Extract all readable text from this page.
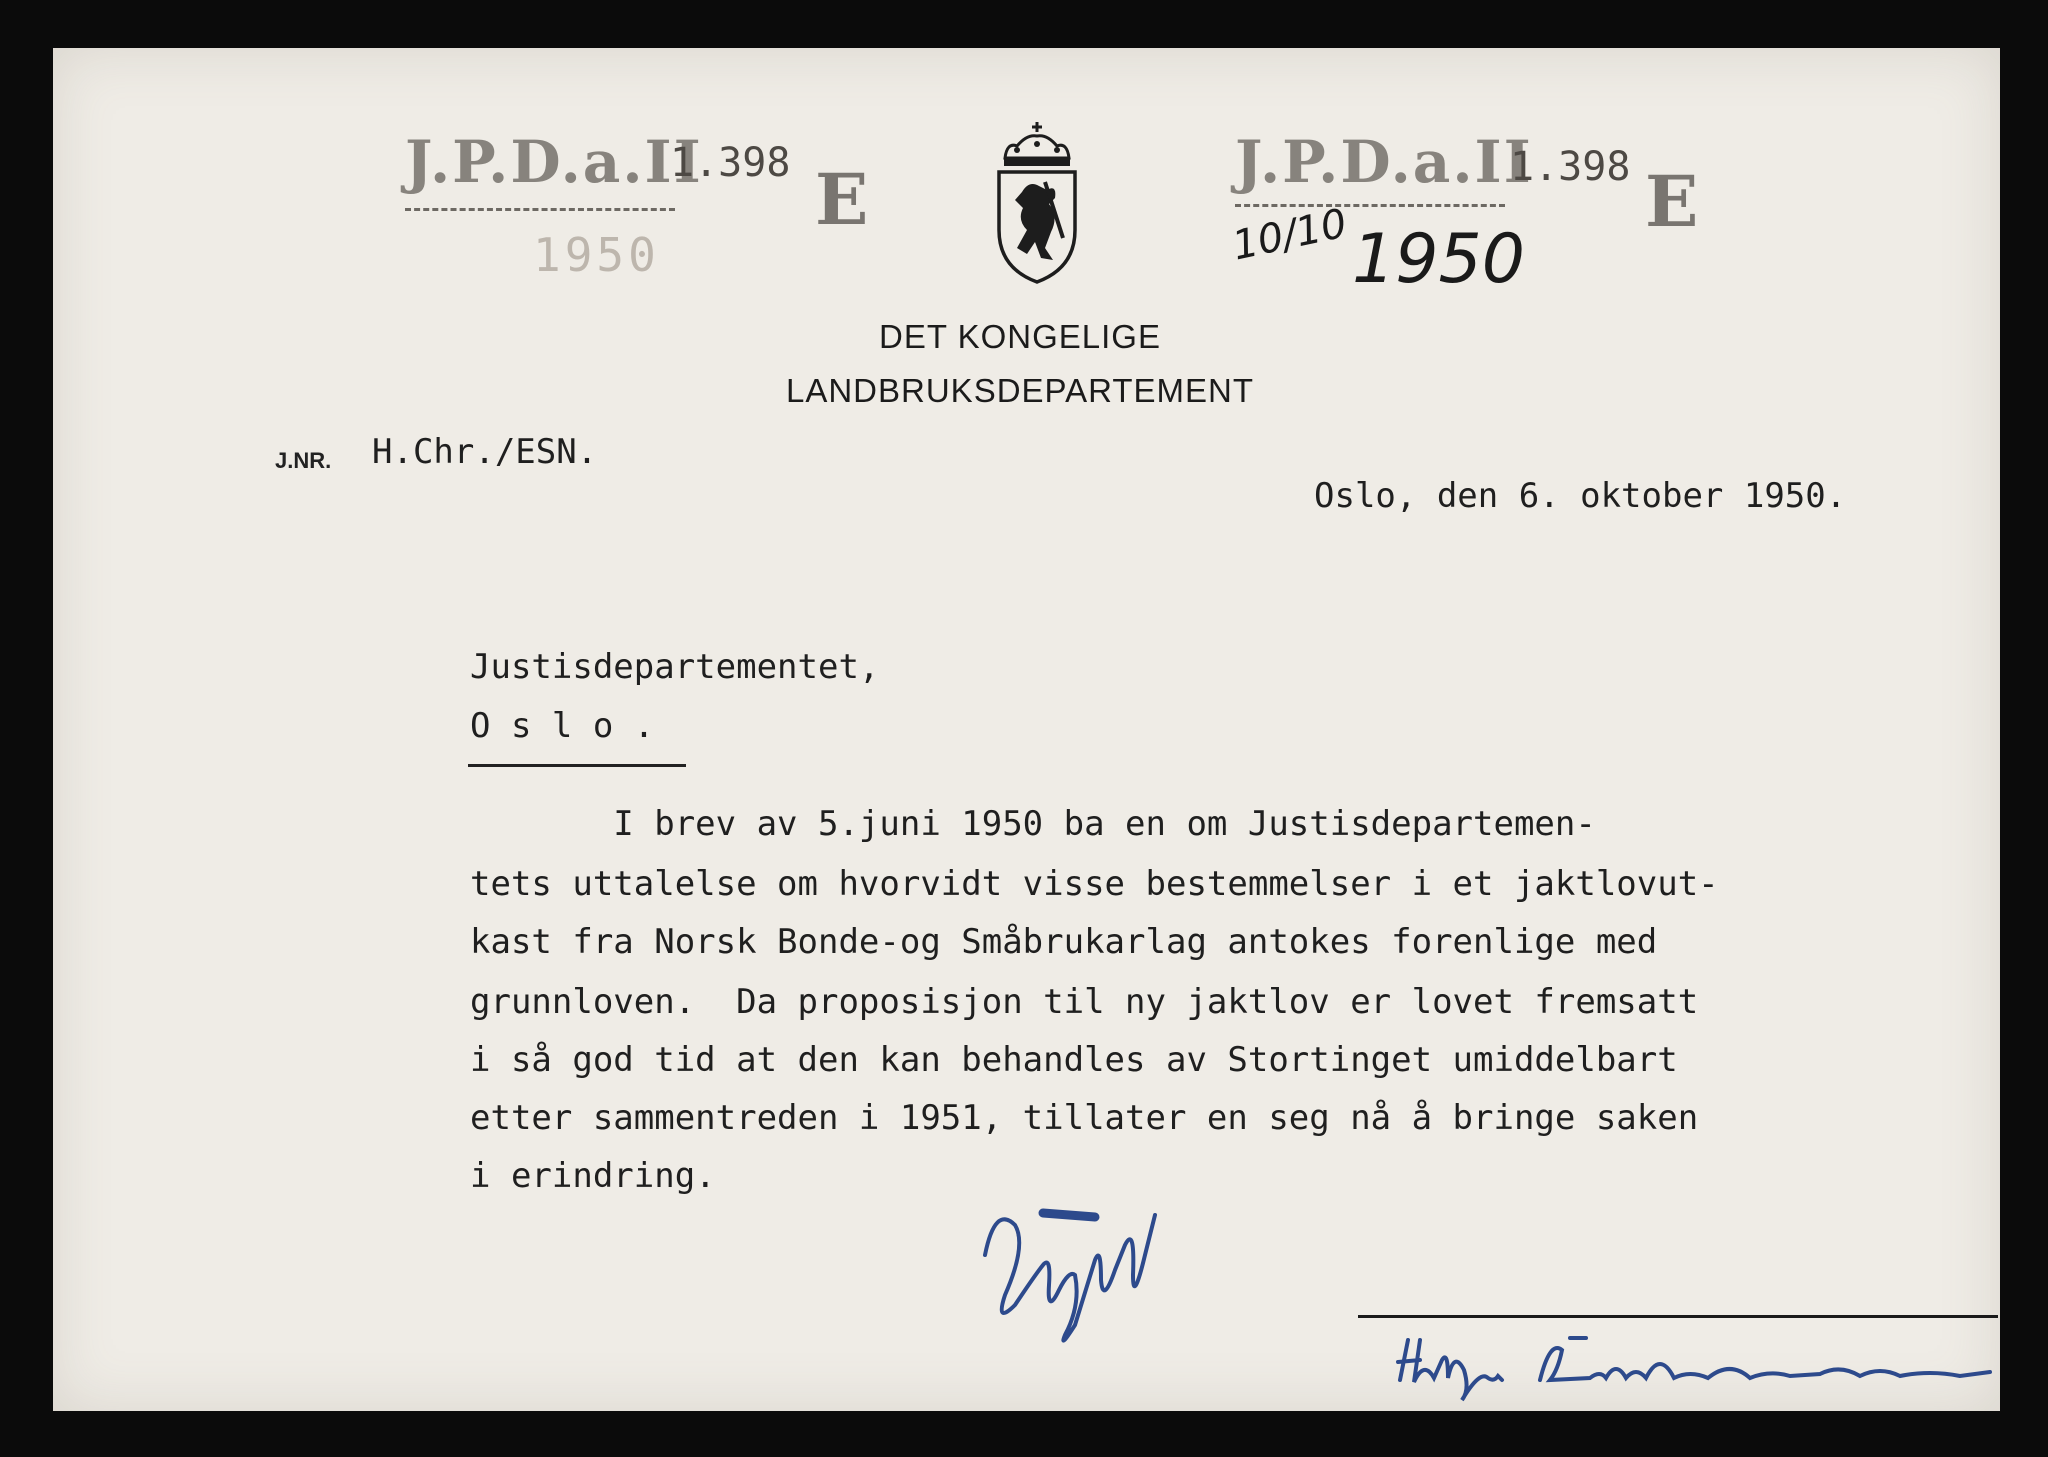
J.P.D.a.II
1.398 E
1950
J.P.D.a.II
1.398 E
10/10 1950
DET KONGELIGE
LANDBRUKSDEPARTEMENT
J.NR. H.Chr./ESN.
Oslo, den 6. oktober 1950.
Justisdepartementet,
O s l o .
I brev av 5.juni 1950 ba en om Justisdepartemen-
tets uttalelse om hvorvidt visse bestemmelser i et jaktlovut-
kast fra Norsk Bonde-og Småbrukarlag antokes forenlige med
grunnloven.  Da proposisjon til ny jaktlov er lovet fremsatt
i så god tid at den kan behandles av Stortinget umiddelbart
etter sammentreden i 1951, tillater en seg nå å bringe saken
i erindring.
